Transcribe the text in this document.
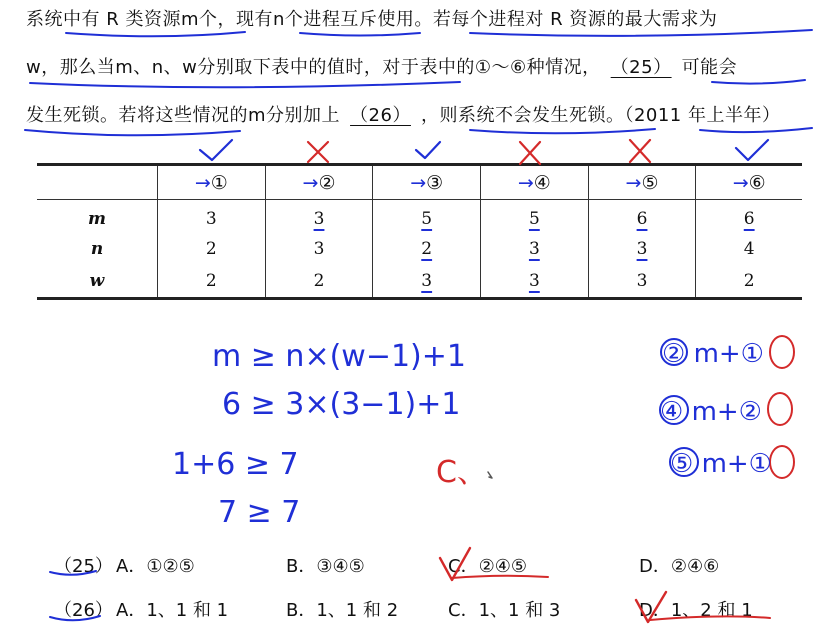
系统中有 R 类资源m个，现有n个进程互斥使用。若每个进程对 R 资源的最大需求为
w，那么当m、n、w分别取下表中的值时，对于表中的①～⑥种情况， （25） 可能会
发生死锁。若将这些情况的m分别加上 （26） ，则系统不会发生死锁。（2011 年上半年）
	→①	→②	→③	→④	→⑤	→⑥
m	3	3	5	5	6	6
n	2	3	2	3	3	4
w	2	2	3	3	3	2
（25） A．①②⑤	B．③④⑤	C．②④⑤	D．②④⑥
（26） A．1、1 和 1	B．1、1 和 2	C．1、1 和 3	D．1、2 和 1
m ≥ n×(w−1)+1
6 ≥ 3×(3−1)+1
1+6 ≥ 7
7 ≥ 7
② m+①
④ m+②
⑤ m+①
C、
